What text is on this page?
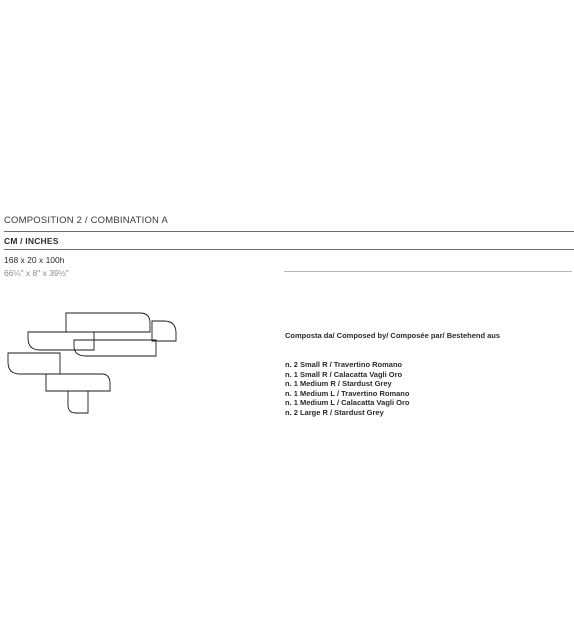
COMPOSITION 2 / COMBINATION A
CM / INCHES
168 x 20 x 100h
66¼" x 8" x 39½"
Composta da/ Composed by/ Composée par/ Bestehend aus
n. 2 Small R / Travertino Romano
n. 1 Small R / Calacatta Vagli Oro
n. 1 Medium R / Stardust Grey
n. 1 Medium L / Travertino Romano
n. 1 Medium L / Calacatta Vagli Oro
n. 2 Large R / Stardust Grey
